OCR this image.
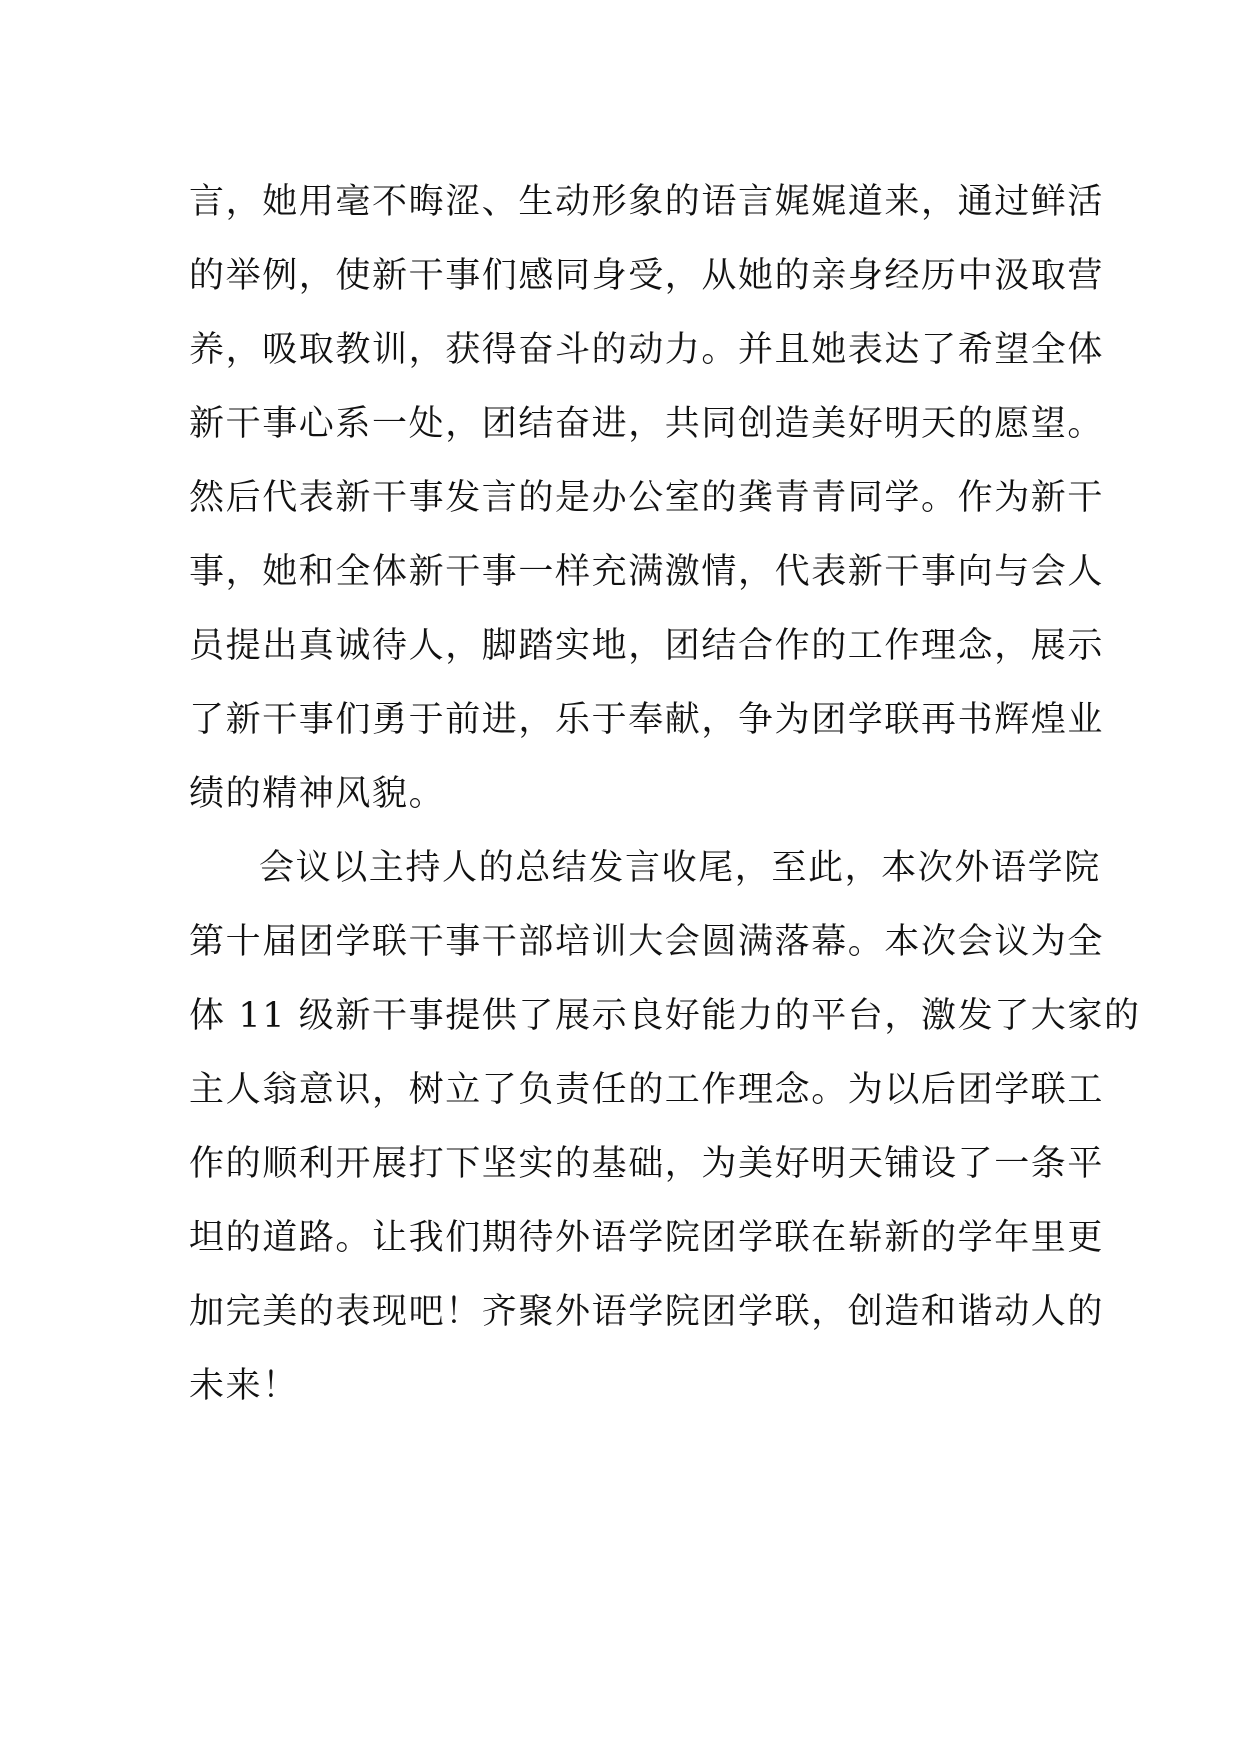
言，她用毫不晦涩、生动形象的语言娓娓道来，通过鲜活
的举例，使新干事们感同身受，从她的亲身经历中汲取营
养，吸取教训，获得奋斗的动力。并且她表达了希望全体
新干事心系一处，团结奋进，共同创造美好明天的愿望。
然后代表新干事发言的是办公室的龚青青同学。作为新干
事，她和全体新干事一样充满激情，代表新干事向与会人
员提出真诚待人，脚踏实地，团结合作的工作理念，展示
了新干事们勇于前进，乐于奉献，争为团学联再书辉煌业
绩的精神风貌。
会议以主持人的总结发言收尾，至此，本次外语学院
第十届团学联干事干部培训大会圆满落幕。本次会议为全
体 11 级新干事提供了展示良好能力的平台，激发了大家的
主人翁意识，树立了负责任的工作理念。为以后团学联工
作的顺利开展打下坚实的基础，为美好明天铺设了一条平
坦的道路。让我们期待外语学院团学联在崭新的学年里更
加完美的表现吧！齐聚外语学院团学联，创造和谐动人的
未来！
